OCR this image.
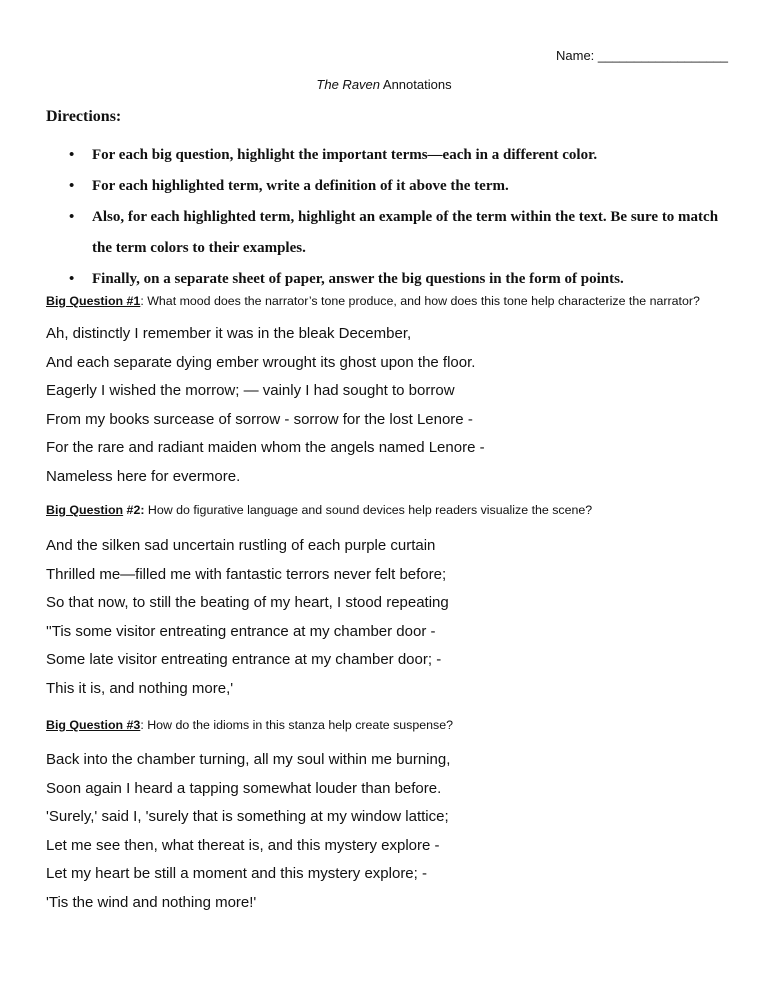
Name: __________________
The Raven Annotations
Directions:
• For each big question, highlight the important terms—each in a different color.
• For each highlighted term, write a definition of it above the term.
• Also, for each highlighted term, highlight an example of the term within the text. Be sure to match the term colors to their examples.
• Finally, on a separate sheet of paper, answer the big questions in the form of points.
Big Question #1: What mood does the narrator’s tone produce, and how does this tone help characterize the narrator?
Ah, distinctly I remember it was in the bleak December,
And each separate dying ember wrought its ghost upon the floor.
Eagerly I wished the morrow; — vainly I had sought to borrow
From my books surcease of sorrow - sorrow for the lost Lenore -
For the rare and radiant maiden whom the angels named Lenore -
Nameless here for evermore.
Big Question #2: How do figurative language and sound devices help readers visualize the scene?
And the silken sad uncertain rustling of each purple curtain
Thrilled me—filled me with fantastic terrors never felt before;
So that now, to still the beating of my heart, I stood repeating
''Tis some visitor entreating entrance at my chamber door -
Some late visitor entreating entrance at my chamber door; -
This it is, and nothing more,'
Big Question #3: How do the idioms in this stanza help create suspense?
Back into the chamber turning, all my soul within me burning,
Soon again I heard a tapping somewhat louder than before.
'Surely,' said I, 'surely that is something at my window lattice;
Let me see then, what thereat is, and this mystery explore -
Let my heart be still a moment and this mystery explore; -
'Tis the wind and nothing more!'
